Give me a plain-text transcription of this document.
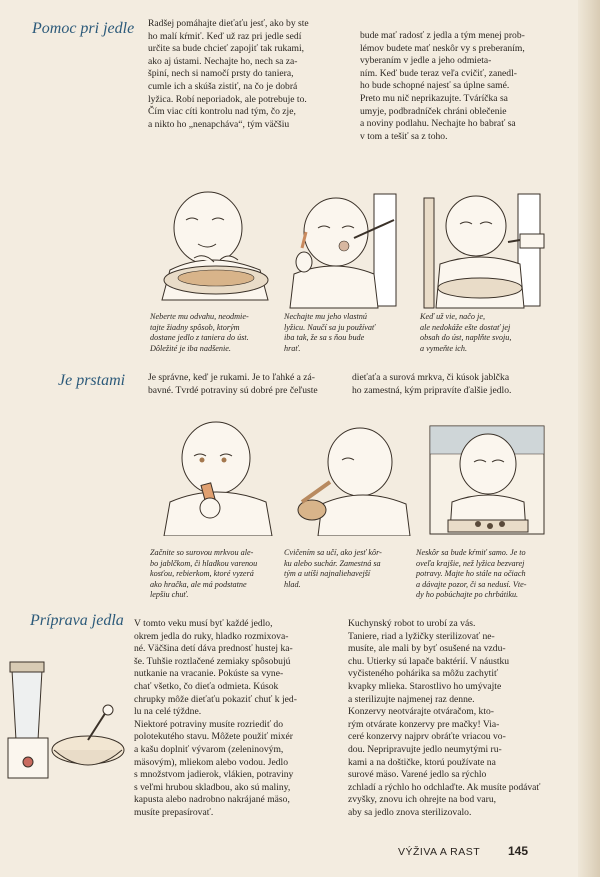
Pomoc pri jedle Radšej pomáhajte dieťaťu jesť, ako by ste
ho malí kŕmiť. Keď už raz pri jedle sedí
určite sa bude chcieť zapojiť tak rukami,
ako aj ústami. Nechajte ho, nech sa za-
špiní, nech si namočí prsty do taniera,
cumle ich a skúša zistiť, na čo je dobrá
lyžica. Robí neporiadok, ale potrebuje to.
Čím viac cíti kontrolu nad tým, čo zje,
a nikto ho „nenapcháva“, tým väčšiu
bude mať radosť z jedla a tým menej prob-
lémov budete mať neskôr vy s preberaním,
vyberaním v jedle a jeho odmieta-
ním. Keď bude teraz veľa cvičiť, zanedl-
ho bude schopné najesť sa úplne samé.
Preto mu nič neprikazujte. Tváríčka sa
umyje, podbradníček chráni oblečenie
a noviny podlahu. Nechajte ho babrať sa
v tom a tešiť sa z toho.
Neberte mu odvahu, neodmie-
tajte žiadny spôsob, ktorým
dostane jedlo z taniera do úst.
Dôležité je iba nadšenie.
Nechajte mu jeho vlastnú
lyžicu. Naučí sa ju používať
iba tak, že sa s ňou bude
hrať.
Keď už vie, načo je,
ale nedokáže ešte dostať jej
obsah do úst, naplňte svoju,
a vymeňte ich.
Je prstami Je správne, keď je rukami. Je to ľahké a zá-
bavné. Tvrdé potraviny sú dobré pre čeľuste
dieťaťa a surová mrkva, či kúsok jablčka
ho zamestná, kým pripravíte ďalšie jedlo.
Začnite so surovou mrkvou ale-
bo jablčkom, či hladkou varenou
kosťou, rebierkom, ktoré vyzerá
ako hračka, ale má podstatne
lepšiu chuť.
Cvičením sa učí, ako jesť kôr-
ku alebo suchár. Zamestná sa
tým a utíši najnaliehavejší
hlad.
Neskôr sa bude kŕmiť samo. Je to
oveľa krajšie, než lyžica bezvarej
potravy. Majte ho stále na očiach
a dávajte pozor, či sa nedusí. Vte-
dy ho pobúchajte po chrbátiku.
Príprava jedla V tomto veku musí byť každé jedlo,
okrem jedla do ruky, hladko rozmixova-
né. Väčšina detí dáva prednosť hustej ka-
še. Tuhšie roztlačené zemiaky spôsobujú
nutkanie na vracanie. Pokúste sa vyne-
chať všetko, čo dieťa odmieta. Kúsok
chrupky môže dieťaťu pokaziť chuť k jed-
lu na celé týždne.
Niektoré potraviny musíte rozriediť do
polotekutého stavu. Môžete použiť mixér
a kašu doplniť vývarom (zeleninovým,
mäsovým), mliekom alebo vodou. Jedlo
s množstvom jadierok, vlákien, potraviny
s veľmi hrubou skladbou, ako sú maliny,
kapusta alebo nadrobno nakrájané mäso,
musíte prepasírovať.
Kuchynský robot to urobí za vás.
Taniere, riad a lyžičky sterilizovať ne-
musíte, ale mali by byť osušené na vzdu-
chu. Utierky sú lapače baktérií. V náustku
vyčisteného pohárika sa môžu zachytiť
kvapky mlieka. Starostlivo ho umývajte
a sterilizujte najmenej raz denne.
Konzervy neotvárajte otváračom, kto-
rým otvárate konzervy pre mačky! Via-
ceré konzervy najprv obráťte vriacou vo-
dou. Nepripravujte jedlo neumytými ru-
kami a na doštičke, ktorú používate na
surové mäso. Varené jedlo sa rýchlo
zchladí a rýchlo ho odchlaďte. Ak musíte podávať
zvyšky, znovu ich ohrejte na bod varu,
aby sa jedlo znova sterilizovalo.
VÝŽIVA A RAST 145
